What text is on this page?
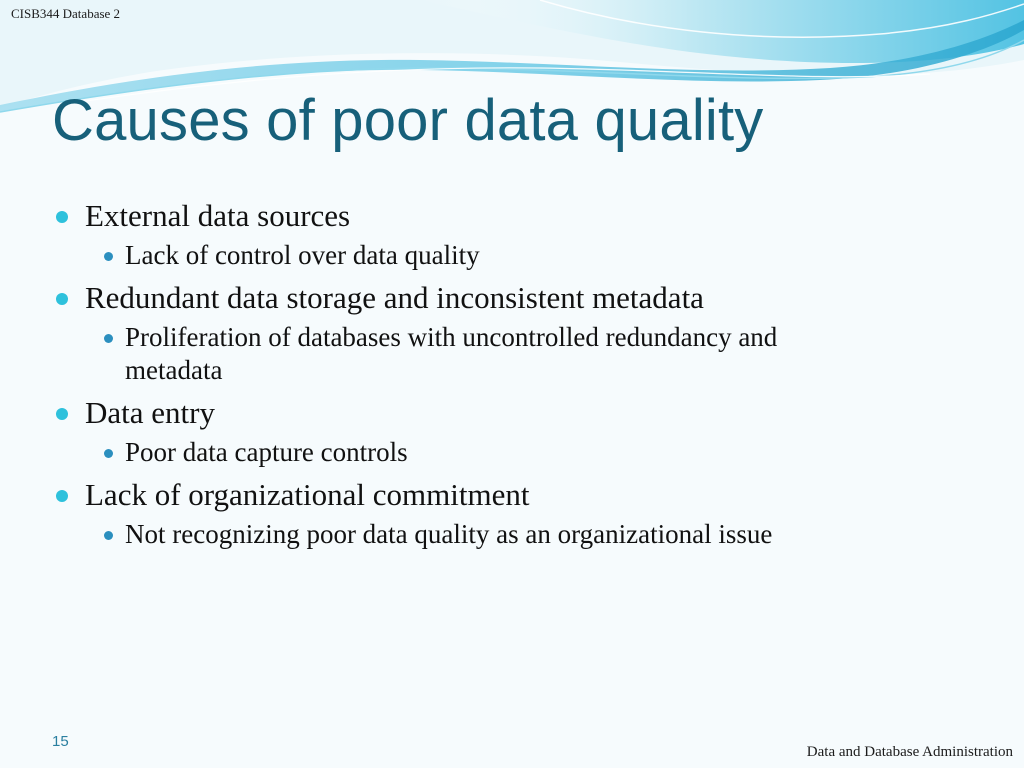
CISB344 Database 2
Causes of poor data quality
External data sources
Lack of control over data quality
Redundant data storage and inconsistent metadata
Proliferation of databases with uncontrolled redundancy and metadata
Data entry
Poor data capture controls
Lack of organizational commitment
Not recognizing poor data quality as an organizational issue
15
Data and Database Administration
